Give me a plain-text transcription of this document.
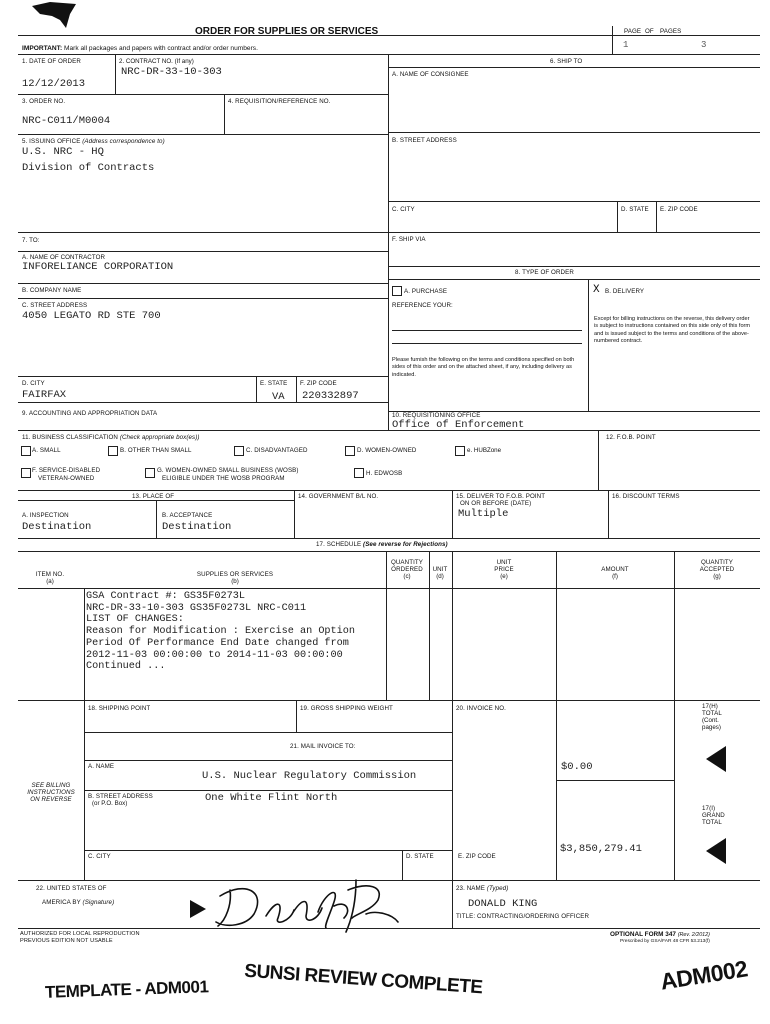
ORDER FOR SUPPLIES OR SERVICES	PAGE OF PAGES
1	3
IMPORTANT: Mark all packages and papers with contract and/or order numbers.
1. DATE OF ORDER
12/12/2013
2. CONTRACT NO. (If any)
NRC-DR-33-10-303
6. SHIP TO
A. NAME OF CONSIGNEE
3. ORDER NO.
NRC-C011/M0004
4. REQUISITION/REFERENCE NO.
B. STREET ADDRESS
5. ISSUING OFFICE (Address correspondence to)
U.S. NRC - HQ
Division of Contracts
C. CITY	D. STATE E. ZIP CODE
7. TO:	F. SHIP VIA
A. NAME OF CONTRACTOR
INFORELIANCE CORPORATION	8. TYPE OF ORDER
B. COMPANY NAME	A. PURCHASE	X B. DELIVERY
C. STREET ADDRESS
4050 LEGATO RD STE 700
REFERENCE YOUR:
Except for billing instructions on the reverse, this delivery order is subject to instructions contained on this side only of this form and is issued subject to the terms and conditions of the above-numbered contract.
Please furnish the following on the terms and conditions specified on both sides of this order and on the attached sheet, if any, including delivery as indicated.
D. CITY
FAIRFAX
E. STATE
VA
F. ZIP CODE
220332897
9. ACCOUNTING AND APPROPRIATION DATA	10. REQUISITIONING OFFICE
Office of Enforcement
11. BUSINESS CLASSIFICATION (Check appropriate box(es))	12. F.O.B. POINT
A. SMALL	B. OTHER THAN SMALL	C. DISADVANTAGED	D. WOMEN-OWNED	e. HUBZone
F. SERVICE-DISABLED
VETERAN-OWNED
G. WOMEN-OWNED SMALL BUSINESS (WOSB)
ELIGIBLE UNDER THE WOSB PROGRAM
H. EDWOSB
13. PLACE OF	14. GOVERNMENT B/L NO.	15. DELIVER TO F.O.B. POINT
ON OR BEFORE (DATE)
Multiple
16. DISCOUNT TERMS
A. INSPECTION
Destination
B. ACCEPTANCE
Destination
17. SCHEDULE (See reverse for Rejections)
ITEM NO.
(a)
SUPPLIES OR SERVICES
(b)
QUANTITY
ORDERED
(c)
UNIT
(d)
UNIT
PRICE
(e)
AMOUNT
(f)
QUANTITY
ACCEPTED
(g)
GSA Contract #: GS35F0273L
NRC-DR-33-10-303 GS35F0273L NRC-C011
LIST OF CHANGES:
Reason for Modification : Exercise an Option
Period Of Performance End Date changed from
2012-11-03 00:00:00 to 2014-11-03 00:00:00
Continued ...
18. SHIPPING POINT	19. GROSS SHIPPING WEIGHT	20. INVOICE NO.	17(H)
TOTAL
(Cont.
pages)
21. MAIL INVOICE TO:
A. NAME
U.S. Nuclear Regulatory Commission
$0.00
SEE BILLING
INSTRUCTIONS
ON REVERSE	B. STREET ADDRESS
(or P.O. Box)	One White Flint North
17(I)
GRAND
TOTAL
C. CITY	D. STATE	E. ZIP CODE
$3,850,279.41
22. UNITED STATES OF
AMERICA BY (Signature)
23. NAME (Typed)
DONALD KING
TITLE: CONTRACTING/ORDERING OFFICER
AUTHORIZED FOR LOCAL REPRODUCTION
PREVIOUS EDITION NOT USABLE
OPTIONAL FORM 347 (Rev. 2/2012)
Prescribed by GSA/FAR 48 CFR 53.213(f)
TEMPLATE - ADM001 SUNSI REVIEW COMPLETE	ADM002
